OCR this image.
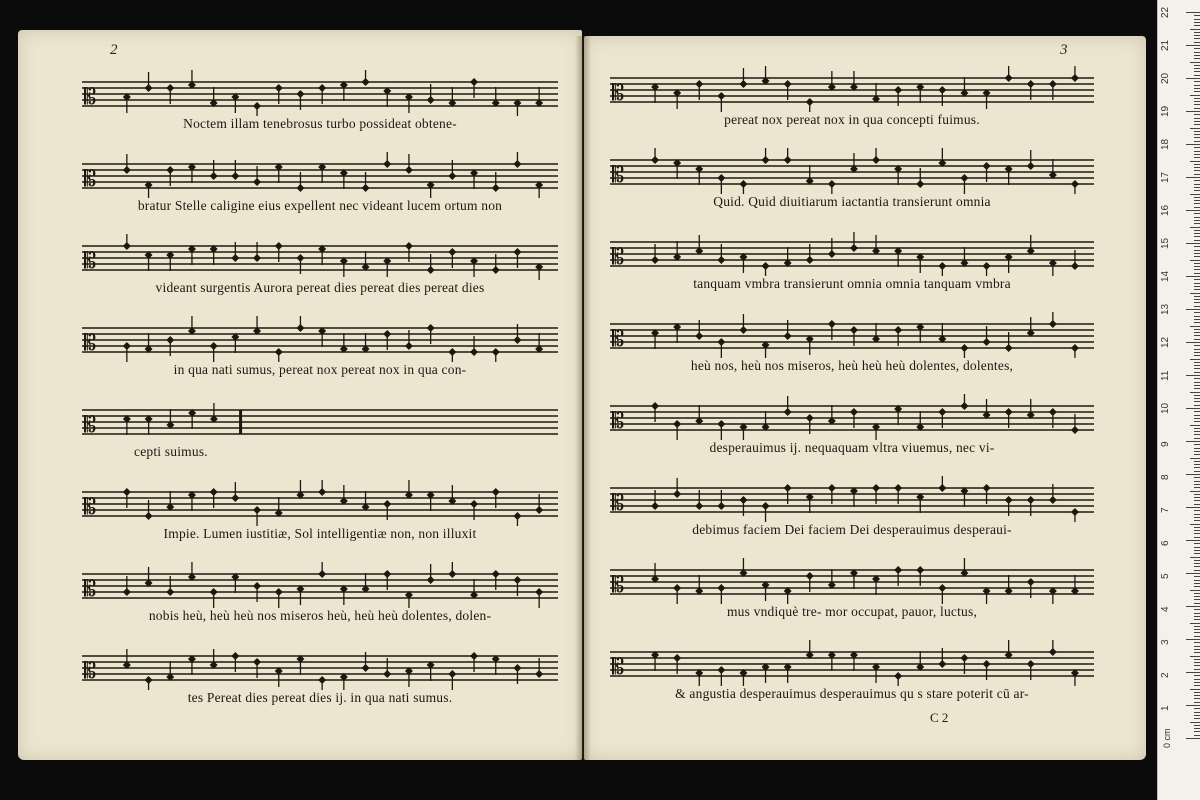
2
𝄡
Noctem illam tenebrosus turbo possideat obtene-
𝄡
bratur Stelle caligine eius expellent nec videant lucem ortum non
𝄡
videant surgentis Aurora pereat dies pereat dies pereat dies
𝄡
in qua nati sumus, pereat nox pereat nox in qua con-
𝄡
cepti suimus.
𝄡
Impie. Lumen iustitiæ, Sol intelligentiæ non, non illuxit
𝄡
nobis heù, heù heù nos miseros heù, heù heù dolentes, dolen-
𝄡
tes Pereat dies pereat dies ij. in qua nati sumus.
3
𝄡
pereat nox pereat nox in qua concepti fuimus.
𝄡
Quid. Quid diuitiarum iactantia transierunt omnia
𝄡
tanquam vmbra transierunt omnia omnia tanquam vmbra
𝄡
heù nos, heù nos miseros, heù heù heù dolentes, dolentes,
𝄡
desperauimus ij. nequaquam vltra viuemus, nec vi-
𝄡
debimus faciem Dei faciem Dei desperauimus desperaui-
𝄡
mus vndiquè tre- mor occupat, pauor, luctus,
𝄡
& angustia desperauimus desperauimus qu s stare poterit cū ar-
C 2
0 cm
1
2
3
4
5
6
7
8
9
10
11
12
13
14
15
16
17
18
19
20
21
22
